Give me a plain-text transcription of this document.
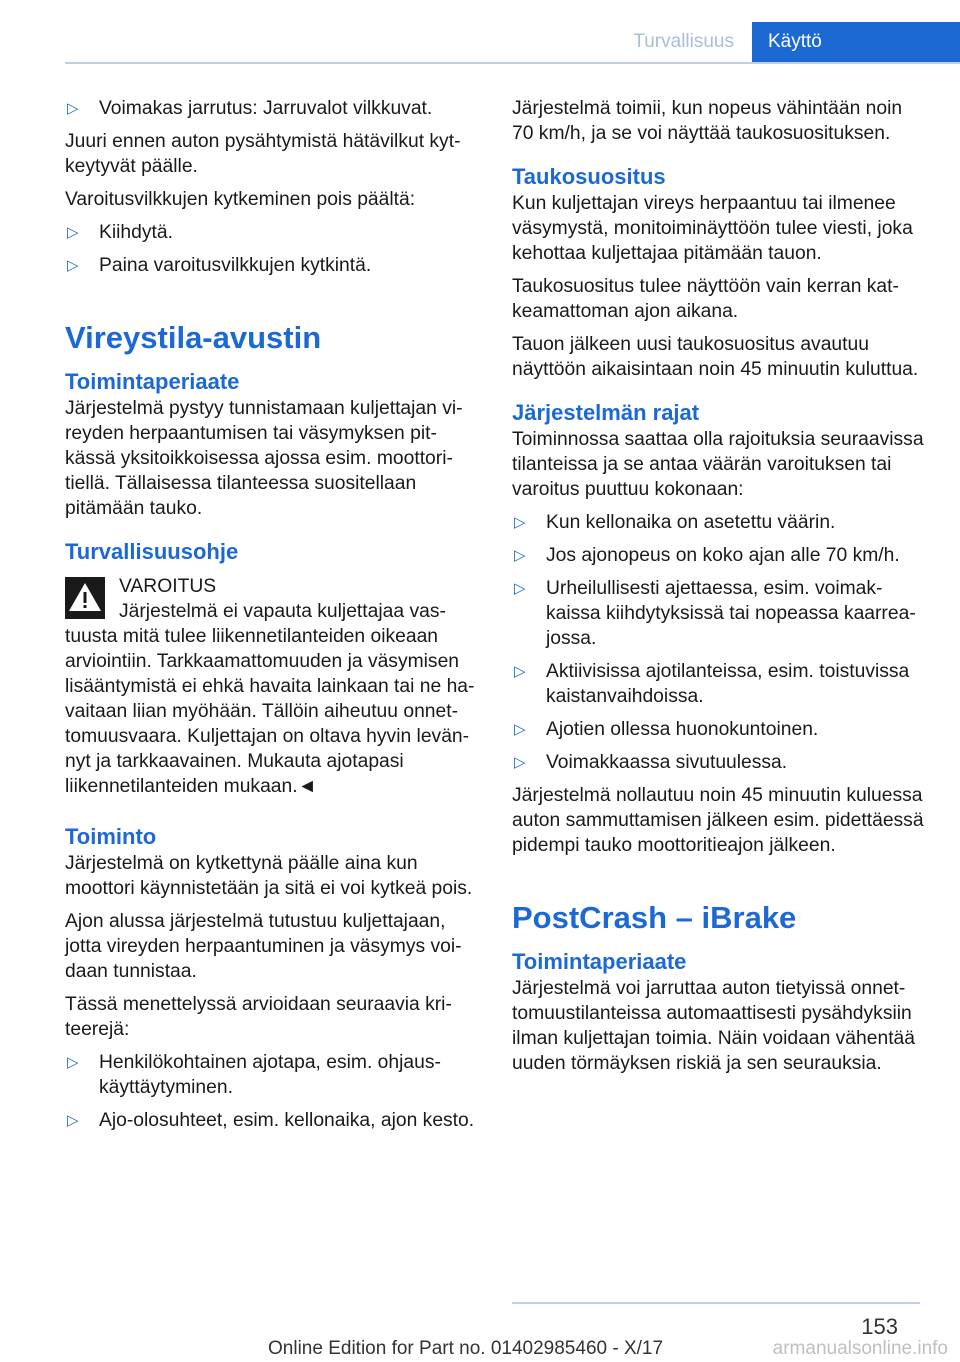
Turvallisuus	Käyttö
▷	Voimakas jarrutus: Jarruvalot vilkkuvat.

Juuri ennen auton pysähtymistä hätävilkut kytkeytyvät päälle.

Varoitusvilkkujen kytkeminen pois päältä:

▷	Kiihdytä.
▷	Paina varoitusvilkkujen kytkintä.
Vireystila-avustin
Toimintaperiaate

Järjestelmä pystyy tunnistamaan kuljettajan vireyden herpaantumisen tai väsymyksen pitkässä yksitoikkoisessa ajossa esim. moottoritiellä. Tällaisessa tilanteessa suositellaan pitämään tauko.

Turvallisuusohje
VAROITUS
Järjestelmä ei vapauta kuljettajaa vastuusta mitä tulee liikennetilanteiden oikeaan arviointiin. Tarkkaamattomuuden ja väsymisen lisääntymistä ei ehkä havaita lainkaan tai ne havaitaan liian myöhään. Tällöin aiheutuu onnettomuusvaara. Kuljettajan on oltava hyvin levännyt ja tarkkaavainen. Mukauta ajotapasi liikennetilanteiden mukaan.◄
Toiminto

Järjestelmä on kytkettynä päälle aina kun moottori käynnistetään ja sitä ei voi kytkeä pois.

Ajon alussa järjestelmä tutustuu kuljettajaan, jotta vireyden herpaantuminen ja väsymys voidaan tunnistaa.

Tässä menettelyssä arvioidaan seuraavia kriteerejä:

▷	Henkilökohtainen ajotapa, esim. ohjauskäyttäytyminen.
▷	Ajo-olosuhteet, esim. kellonaika, ajon kesto.

Järjestelmä toimii, kun nopeus vähintään noin 70 km/h, ja se voi näyttää taukosuosituksen.

Taukosuositus

Kun kuljettajan vireys herpaantuu tai ilmenee väsymystä, monitoiminäyttöön tulee viesti, joka kehottaa kuljettajaa pitämään tauon.

Taukosuositus tulee näyttöön vain kerran katkeamattoman ajon aikana.

Tauon jälkeen uusi taukosuositus avautuu näyttöön aikaisintaan noin 45 minuutin kuluttua.

Järjestelmän rajat

Toiminnossa saattaa olla rajoituksia seuraavissa tilanteissa ja se antaa väärän varoituksen tai varoitus puuttuu kokonaan:

▷	Kun kellonaika on asetettu väärin.
▷	Jos ajonopeus on koko ajan alle 70 km/h.
▷	Urheilullisesti ajettaessa, esim. voimakkaissa kiihdytyksissä tai nopeassa kaarreajossa.
▷	Aktiivisissa ajotilanteissa, esim. toistuvissa kaistanvaihdoissa.
▷	Ajotien ollessa huonokuntoinen.
▷	Voimakkaassa sivutuulessa.

Järjestelmä nollautuu noin 45 minuutin kuluessa auton sammuttamisen jälkeen esim. pidettäessä pidempi tauko moottoritieajon jälkeen.

PostCrash – iBrake
Toimintaperiaate

Järjestelmä voi jarruttaa auton tietyissä onnettomuustilanteissa automaattisesti pysähdyksiin ilman kuljettajan toimia. Näin voidaan vähentää uuden törmäyksen riskiä ja sen seurauksia.

153
Online Edition for Part no. 01402985460 - X/17	armanualsonline.info
